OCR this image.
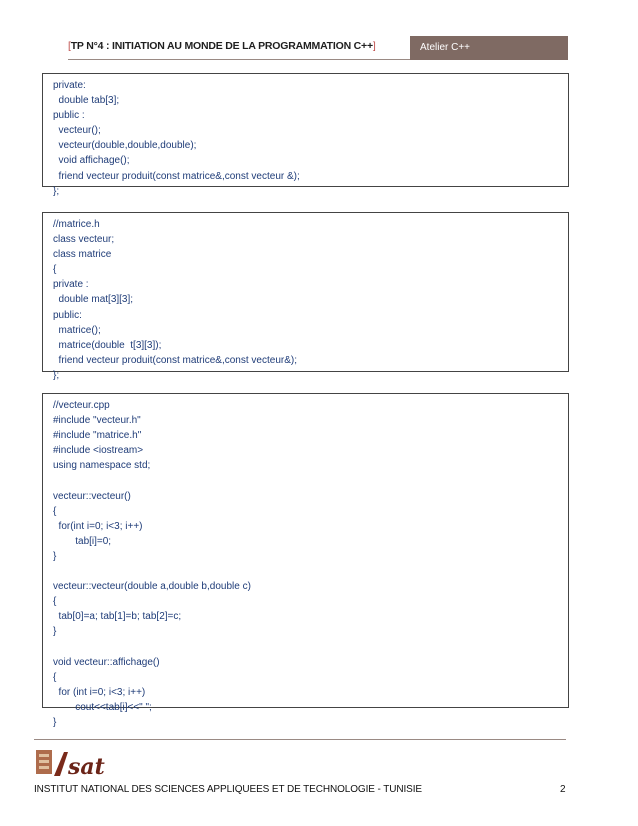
[TP N°4 : INITIATION AU MONDE DE LA PROGRAMMATION C++]	Atelier C++
private:
double tab[3];
public :
vecteur();
vecteur(double,double,double);
void affichage();
friend vecteur produit(const matrice&,const vecteur &);
};
//matrice.h
class vecteur;
class matrice
{
private :
double mat[3][3];
public:
matrice();
matrice(double  t[3][3]);
friend vecteur produit(const matrice&,const vecteur&);
};
//vecteur.cpp
#include "vecteur.h"
#include "matrice.h"
#include <iostream>
using namespace std;
vecteur::vecteur()
{
for(int i=0; i<3; i++)
tab[i]=0;
}
vecteur::vecteur(double a,double b,double c)
{
tab[0]=a; tab[1]=b; tab[2]=c;
}
void vecteur::affichage()
{
for (int i=0; i<3; i++)
cout<<tab[i]<<" ";
}
sat
INSTITUT NATIONAL DES SCIENCES APPLIQUEES ET DE TECHNOLOGIE - TUNISIE	2
